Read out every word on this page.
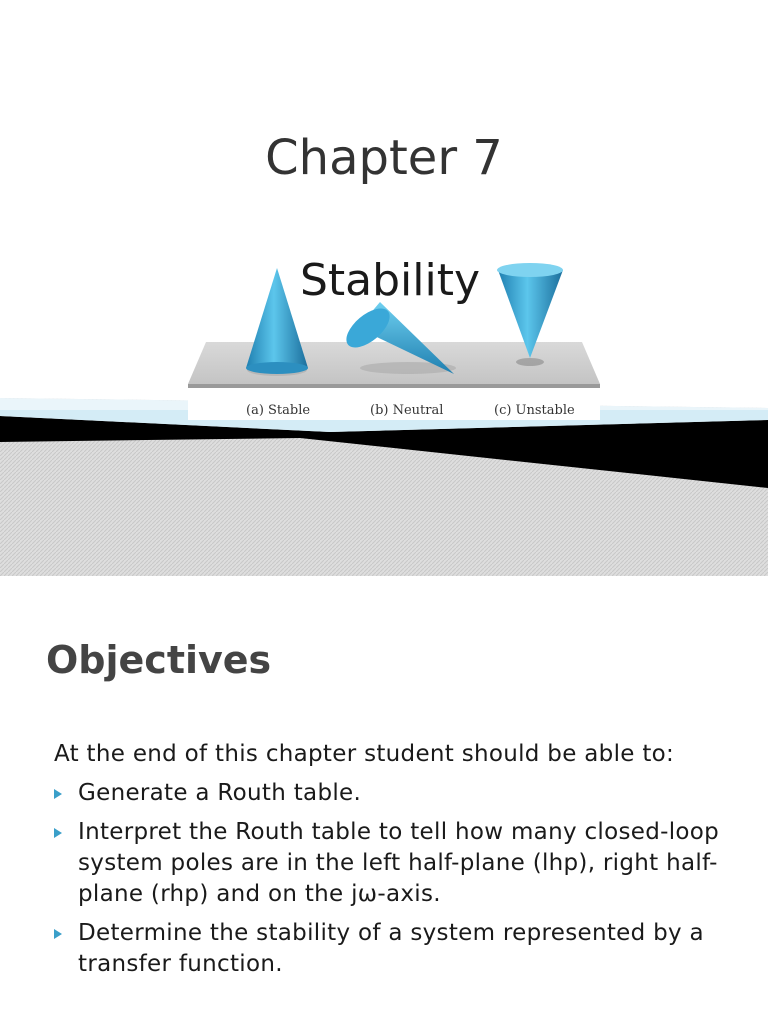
Chapter 7
(a) Stable	(b) Neutral	(c) Unstable
Stability
Objectives

At the end of this chapter student should be able to:

Generate a Routh table.
Interpret the Routh table to tell how many closed-loop system poles are in the left half-plane (lhp), right half-plane (rhp) and on the jω-axis.
Determine the stability of a system represented by a transfer function.
